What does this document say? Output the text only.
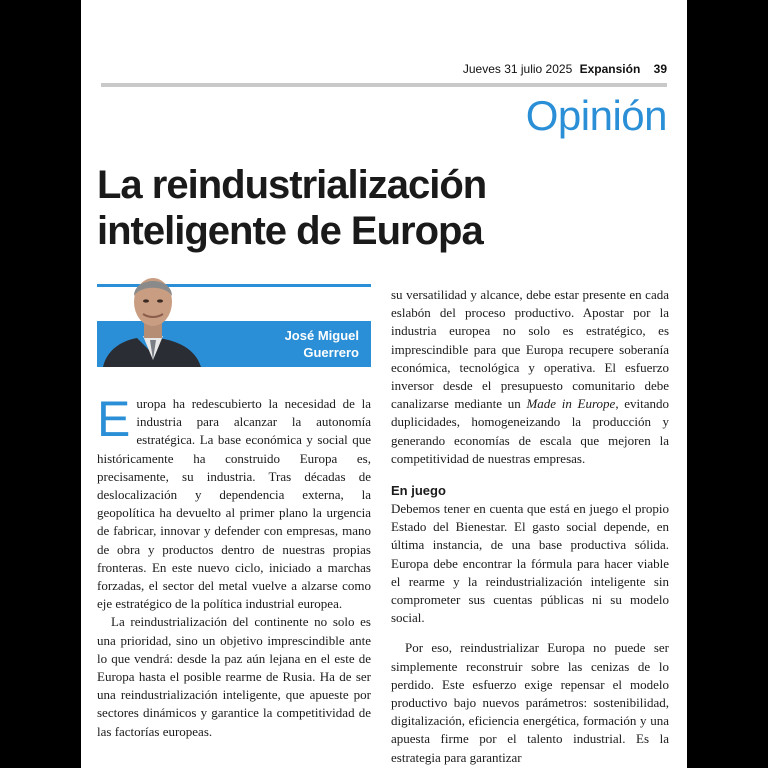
Jueves 31 julio 2025 Expansión 39
Opinión
La reindustrialización
inteligente de Europa
José Miguel
Guerrero

Europa ha redescubierto la necesidad de la industria para alcanzar la autonomía estratégica. La base económica y social que históricamente ha construido Europa es, precisamente, su industria. Tras décadas de deslocalización y dependencia externa, la geopolítica ha devuelto al primer plano la urgencia de fabricar, innovar y defender con empresas, mano de obra y productos dentro de nuestras propias fronteras. En este nuevo ciclo, iniciado a marchas forzadas, el sector del metal vuelve a alzarse como eje estratégico de la política industrial europea.

La reindustrialización del continente no solo es una prioridad, sino un objetivo imprescindible ante lo que vendrá: desde la paz aún lejana en el este de Europa hasta el posible rearme de Rusia. Ha de ser una reindustrialización inteligente, que apueste por sectores dinámicos y garantice la competitividad de las factorías europeas.

su versatilidad y alcance, debe estar presente en cada eslabón del proceso productivo. Apostar por la industria europea no solo es estratégico, es imprescindible para que Europa recupere soberanía económica, tecnológica y operativa. El esfuerzo inversor desde el presupuesto comunitario debe canalizarse mediante un Made in Europe, evitando duplicidades, homogeneizando la producción y generando economías de escala que mejoren la competitividad de nuestras empresas.

En juego

Debemos tener en cuenta que está en juego el propio Estado del Bienestar. El gasto social depende, en última instancia, de una base productiva sólida. Europa debe encontrar la fórmula para hacer viable el rearme y la reindustrialización inteligente sin comprometer sus cuentas públicas ni su modelo social.

Por eso, reindustrializar Europa no puede ser simplemente reconstruir sobre las cenizas de lo perdido. Este esfuerzo exige repensar el modelo productivo bajo nuevos parámetros: sostenibilidad, digitalización, eficiencia energética, formación y una apuesta firme por el talento industrial. Es la estrategia para garantizar
